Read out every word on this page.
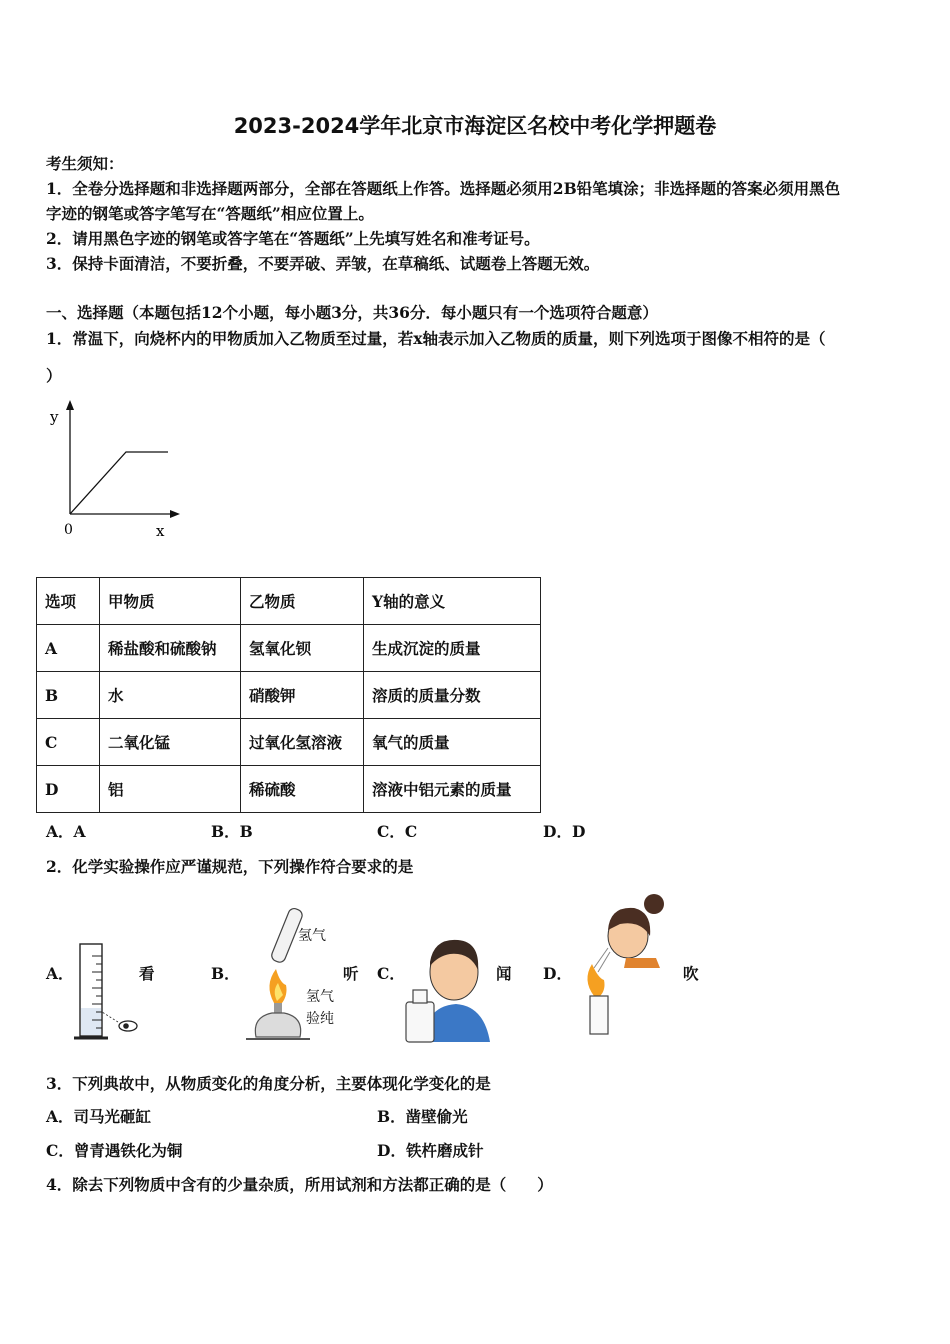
2023-2024学年北京市海淀区名校中考化学押题卷
考生须知：
1．全卷分选择题和非选择题两部分，全部在答题纸上作答。选择题必须用2B铅笔填涂；非选择题的答案必须用黑色
字迹的钢笔或答字笔写在“答题纸”相应位置上。
2．请用黑色字迹的钢笔或答字笔在“答题纸”上先填写姓名和准考证号。
3．保持卡面清洁，不要折叠，不要弄破、弄皱，在草稿纸、试题卷上答题无效。
一、选择题（本题包括12个小题，每小题3分，共36分．每小题只有一个选项符合题意）
1．常温下，向烧杯内的甲物质加入乙物质至过量，若x轴表示加入乙物质的质量，则下列选项于图像不相符的是（
）
y
x
0
选项	甲物质	乙物质	Y轴的意义
A	稀盐酸和硫酸钠	氢氧化钡	生成沉淀的质量
B	水	硝酸钾	溶质的质量分数
C	二氧化锰	过氧化氢溶液	氧气的质量
D	铝	稀硫酸	溶液中铝元素的质量
A．A	B．B	C．C	D．D
2．化学实验操作应严谨规范，下列操作符合要求的是
A．	看	B．
氢气
氢气
验纯
听 C．	闻 D．	吹
3．下列典故中，从物质变化的角度分析，主要体现化学变化的是
A．司马光砸缸	B．凿壁偷光
C．曾青遇铁化为铜	D．铁杵磨成针
4．除去下列物质中含有的少量杂质，所用试剂和方法都正确的是（　　）
